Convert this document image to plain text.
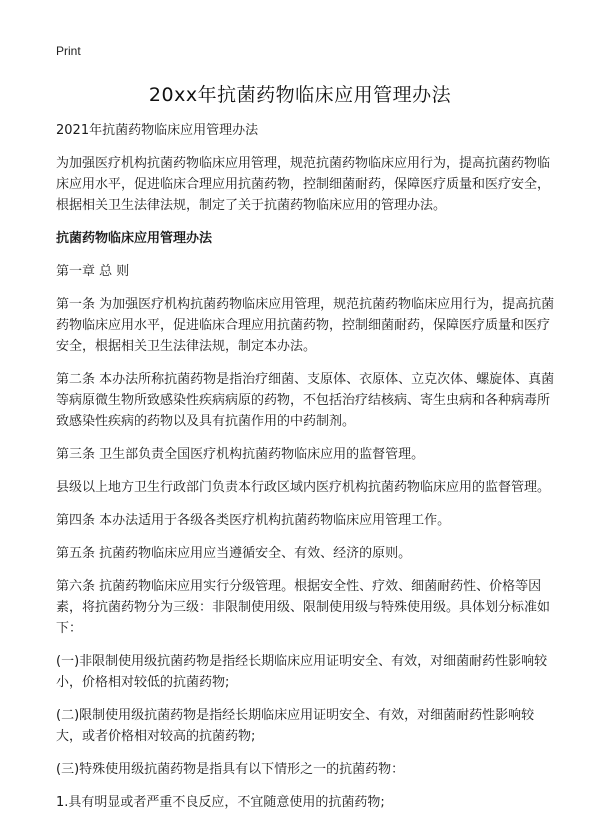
Print
20xx年抗菌药物临床应用管理办法

2021年抗菌药物临床应用管理办法

为加强医疗机构抗菌药物临床应用管理，规范抗菌药物临床应用行为，提高抗菌药物临床应用水平，促进临床合理应用抗菌药物，控制细菌耐药，保障医疗质量和医疗安全，根据相关卫生法律法规，制定了关于抗菌药物临床应用的管理办法。

抗菌药物临床应用管理办法

第一章 总 则

第一条 为加强医疗机构抗菌药物临床应用管理，规范抗菌药物临床应用行为，提高抗菌药物临床应用水平，促进临床合理应用抗菌药物，控制细菌耐药，保障医疗质量和医疗安全，根据相关卫生法律法规，制定本办法。

第二条 本办法所称抗菌药物是指治疗细菌、支原体、衣原体、立克次体、螺旋体、真菌等病原微生物所致感染性疾病病原的药物，不包括治疗结核病、寄生虫病和各种病毒所致感染性疾病的药物以及具有抗菌作用的中药制剂。

第三条 卫生部负责全国医疗机构抗菌药物临床应用的监督管理。

县级以上地方卫生行政部门负责本行政区域内医疗机构抗菌药物临床应用的监督管理。

第四条 本办法适用于各级各类医疗机构抗菌药物临床应用管理工作。

第五条 抗菌药物临床应用应当遵循安全、有效、经济的原则。

第六条 抗菌药物临床应用实行分级管理。根据安全性、疗效、细菌耐药性、价格等因素，将抗菌药物分为三级：非限制使用级、限制使用级与特殊使用级。具体划分标准如下：

(一)非限制使用级抗菌药物是指经长期临床应用证明安全、有效，对细菌耐药性影响较小，价格相对较低的抗菌药物;

(二)限制使用级抗菌药物是指经长期临床应用证明安全、有效，对细菌耐药性影响较大，或者价格相对较高的抗菌药物;

(三)特殊使用级抗菌药物是指具有以下情形之一的抗菌药物：

1.具有明显或者严重不良反应，不宜随意使用的抗菌药物;
